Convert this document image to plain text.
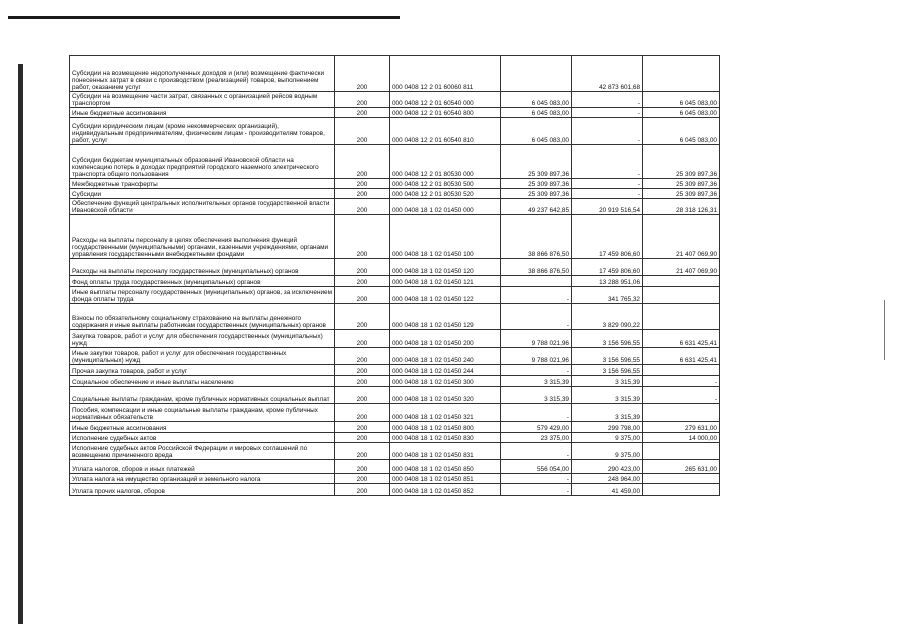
Субсидии на возмещение недополученных доходов и (или) возмещение фактически понесенных затрат в связи с производством (реализацией) товаров, выполнением работ, оказанием услуг	200	000 0408 12 2 01 60060 811		42 873 601,68	
Субсидии на возмещение части затрат, связанных с организацией рейсов водным транспортом	200	000 0408 12 2 01 60540 000	6 045 083,00	-	6 045 083,00
Иные бюджетные ассигнования	200	000 0408 12 2 01 60540 800	6 045 083,00	-	6 045 083,00
Субсидии юридическим лицам (кроме некоммерческих организаций), индивидуальным предпринимателям, физическим лицам - производителям товаров, работ, услуг	200	000 0408 12 2 01 60540 810	6 045 083,00	-	6 045 083,00
Субсидии бюджетам муниципальных образований Ивановской области на компенсацию потерь в доходах предприятий городского наземного электрического транспорта общего пользования	200	000 0408 12 2 01 80530 000	25 309 897,36	-	25 309 897,36
Межбюджетные трансферты	200	000 0408 12 2 01 80530 500	25 309 897,36	-	25 309 897,36
Субсидии	200	000 0408 12 2 01 80530 520	25 309 897,36	-	25 309 897,36
Обеспечение функций центральных исполнительных органов государственной власти Ивановской области	200	000 0408 18 1 02 01450 000	49 237 642,85	20 919 516,54	28 318 126,31
Расходы на выплаты персоналу в целях обеспечения выполнения функций государственными (муниципальными) органами, казенными учреждениями, органами управления государственными внебюджетными фондами	200	000 0408 18 1 02 01450 100	38 866 876,50	17 459 806,60	21 407 069,90
Расходы на выплаты персоналу государственных (муниципальных) органов	200	000 0408 18 1 02 01450 120	38 866 876,50	17 459 806,60	21 407 069,90
Фонд оплаты труда государственных (муниципальных) органов	200	000 0408 18 1 02 01450 121		13 288 951,06	
Иные выплаты персоналу государственных (муниципальных) органов, за исключением фонда оплаты труда	200	000 0408 18 1 02 01450 122	-	341 765,32	
Взносы по обязательному социальному страхованию на выплаты денежного содержания и иные выплаты работникам государственных (муниципальных) органов	200	000 0408 18 1 02 01450 129	-	3 829 090,22	
Закупка товаров, работ и услуг для обеспечения государственных (муниципальных) нужд	200	000 0408 18 1 02 01450 200	9 788 021,96	3 156 596,55	6 631 425,41
Иные закупки товаров, работ и услуг для обеспечения государственных (муниципальных) нужд	200	000 0408 18 1 02 01450 240	9 788 021,96	3 156 596,55	6 631 425,41
Прочая закупка товаров, работ и услуг	200	000 0408 18 1 02 01450 244	-	3 156 596,55	
Социальное обеспечение и иные выплаты населению	200	000 0408 18 1 02 01450 300	3 315,39	3 315,39	-
Социальные выплаты гражданам, кроме публичных нормативных социальных выплат	200	000 0408 18 1 02 01450 320	3 315,39	3 315,39	-
Пособия, компенсации и иные социальные выплаты гражданам, кроме публичных нормативных обязательств	200	000 0408 18 1 02 01450 321	-	3 315,39	
Иные бюджетные ассигнования	200	000 0408 18 1 02 01450 800	579 429,00	299 798,00	279 631,00
Исполнение судебных актов	200	000 0408 18 1 02 01450 830	23 375,00	9 375,00	14 000,00
Исполнение судебных актов Российской Федерации и мировых соглашений по возмещению причиненного вреда	200	000 0408 18 1 02 01450 831	-	9 375,00	
Уплата налогов, сборов и иных платежей	200	000 0408 18 1 02 01450 850	556 054,00	290 423,00	265 631,00
Уплата налога на имущество организаций и земельного налога	200	000 0408 18 1 02 01450 851	-	248 964,00	
Уплата прочих налогов, сборов	200	000 0408 18 1 02 01450 852	-	41 459,00	
